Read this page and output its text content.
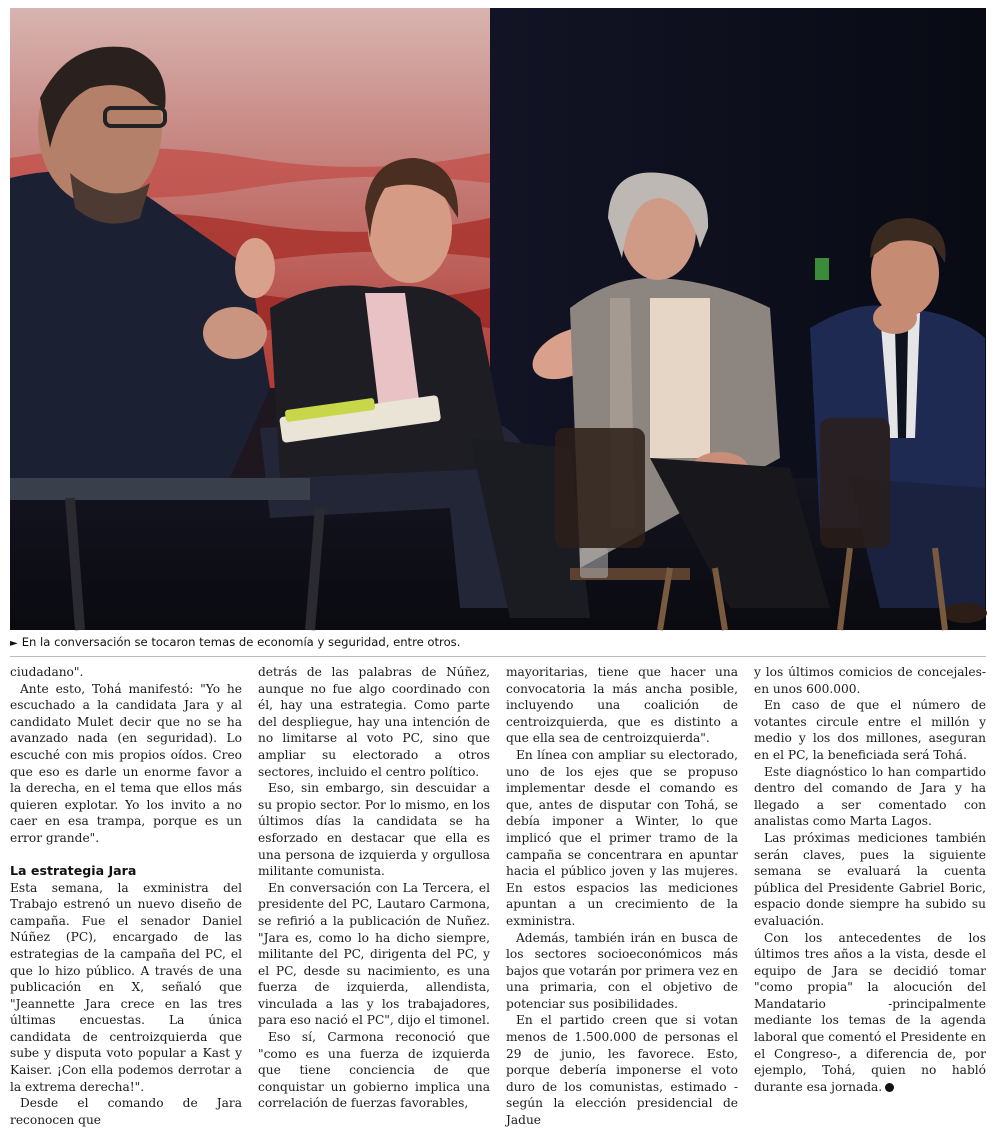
► En la conversación se tocaron temas de economía y seguridad, entre otros.

ciudadano".

Ante esto, Tohá manifestó: "Yo he escuchado a la candidata Jara y al candidato Mulet decir que no se ha avanzado nada (en seguridad). Lo escuché con mis propios oídos. Creo que eso es darle un enorme favor a la derecha, en el tema que ellos más quieren explotar. Yo los invito a no caer en esa trampa, porque es un error grande".

La estrategia Jara

Esta semana, la exministra del Trabajo estrenó un nuevo diseño de campaña. Fue el senador Daniel Núñez (PC), encargado de las estrategias de la campaña del PC, el que lo hizo público. A través de una publicación en X, señaló que "Jeannette Jara crece en las tres últimas encuestas. La única candidata de centroizquierda que sube y disputa voto popular a Kast y Kaiser. ¡Con ella podemos derrotar a la extrema derecha!".

Desde el comando de Jara reconocen que

detrás de las palabras de Núñez, aunque no fue algo coordinado con él, hay una estrategia. Como parte del despliegue, hay una intención de no limitarse al voto PC, sino que ampliar su electorado a otros sectores, incluido el centro político.

Eso, sin embargo, sin descuidar a su propio sector. Por lo mismo, en los últimos días la candidata se ha esforzado en destacar que ella es una persona de izquierda y orgullosa militante comunista.

En conversación con La Tercera, el presidente del PC, Lautaro Carmona, se refirió a la publicación de Nuñez. "Jara es, como lo ha dicho siempre, militante del PC, dirigenta del PC, y el PC, desde su nacimiento, es una fuerza de izquierda, allendista, vinculada a las y los trabajadores, para eso nació el PC", dijo el timonel.

Eso sí, Carmona reconoció que "como es una fuerza de izquierda que tiene conciencia de que conquistar un gobierno implica una correlación de fuerzas favorables,

mayoritarias, tiene que hacer una convocatoria la más ancha posible, incluyendo una coalición de centroizquierda, que es distinto a que ella sea de centroizquierda".

En línea con ampliar su electorado, uno de los ejes que se propuso implementar desde el comando es que, antes de disputar con Tohá, se debía imponer a Winter, lo que implicó que el primer tramo de la campaña se concentrara en apuntar hacia el público joven y las mujeres. En estos espacios las mediciones apuntan a un crecimiento de la exministra.

Además, también irán en busca de los sectores socioeconómicos más bajos que votarán por primera vez en una primaria, con el objetivo de potenciar sus posibilidades.

En el partido creen que si votan menos de 1.500.000 de personas el 29 de junio, les favorece. Esto, porque debería imponerse el voto duro de los comunistas, estimado -según la elección presidencial de Jadue

y los últimos comicios de concejales- en unos 600.000.

En caso de que el número de votantes circule entre el millón y medio y los dos millones, aseguran en el PC, la beneficiada será Tohá.

Este diagnóstico lo han compartido dentro del comando de Jara y ha llegado a ser comentado con analistas como Marta Lagos.

Las próximas mediciones también serán claves, pues la siguiente semana se evaluará la cuenta pública del Presidente Gabriel Boric, espacio donde siempre ha subido su evaluación.

Con los antecedentes de los últimos tres años a la vista, desde el equipo de Jara se decidió tomar "como propia" la alocución del Mandatario -principalmente mediante los temas de la agenda laboral que comentó el Presidente en el Congreso-, a diferencia de, por ejemplo, Tohá, quien no habló durante esa jornada.
